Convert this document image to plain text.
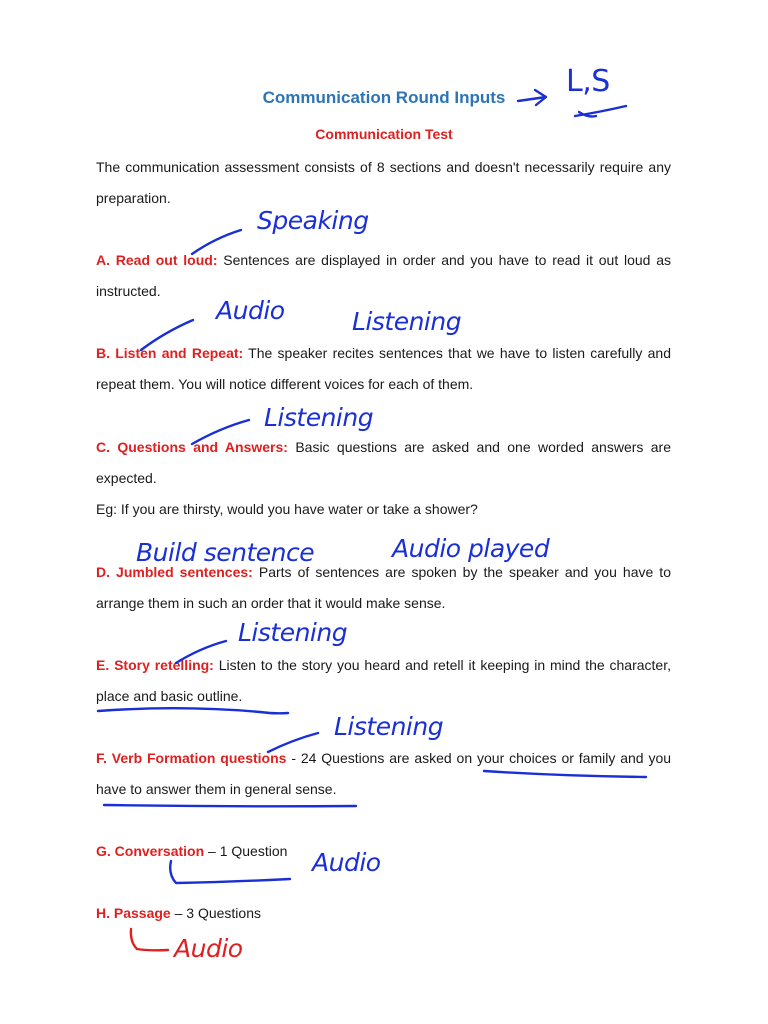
Communication Round Inputs
Communication Test
The communication assessment consists of 8 sections and doesn't necessarily require any preparation.
A. Read out loud: Sentences are displayed in order and you have to read it out loud as instructed.
B. Listen and Repeat: The speaker recites sentences that we have to listen carefully and repeat them. You will notice different voices for each of them.
C. Questions and Answers: Basic questions are asked and one worded answers are expected.
Eg: If you are thirsty, would you have water or take a shower?
D. Jumbled sentences: Parts of sentences are spoken by the speaker and you have to arrange them in such an order that it would make sense.
E. Story retelling: Listen to the story you heard and retell it keeping in mind the character, place and basic outline.
F. Verb Formation questions - 24 Questions are asked on your choices or family and you have to answer them in general sense.
G. Conversation – 1 Question
H. Passage – 3 Questions
L,S
Speaking
Audio	Listening
Listening
Build sentence	Audio played
Listening
Listening
Audio
Audio
